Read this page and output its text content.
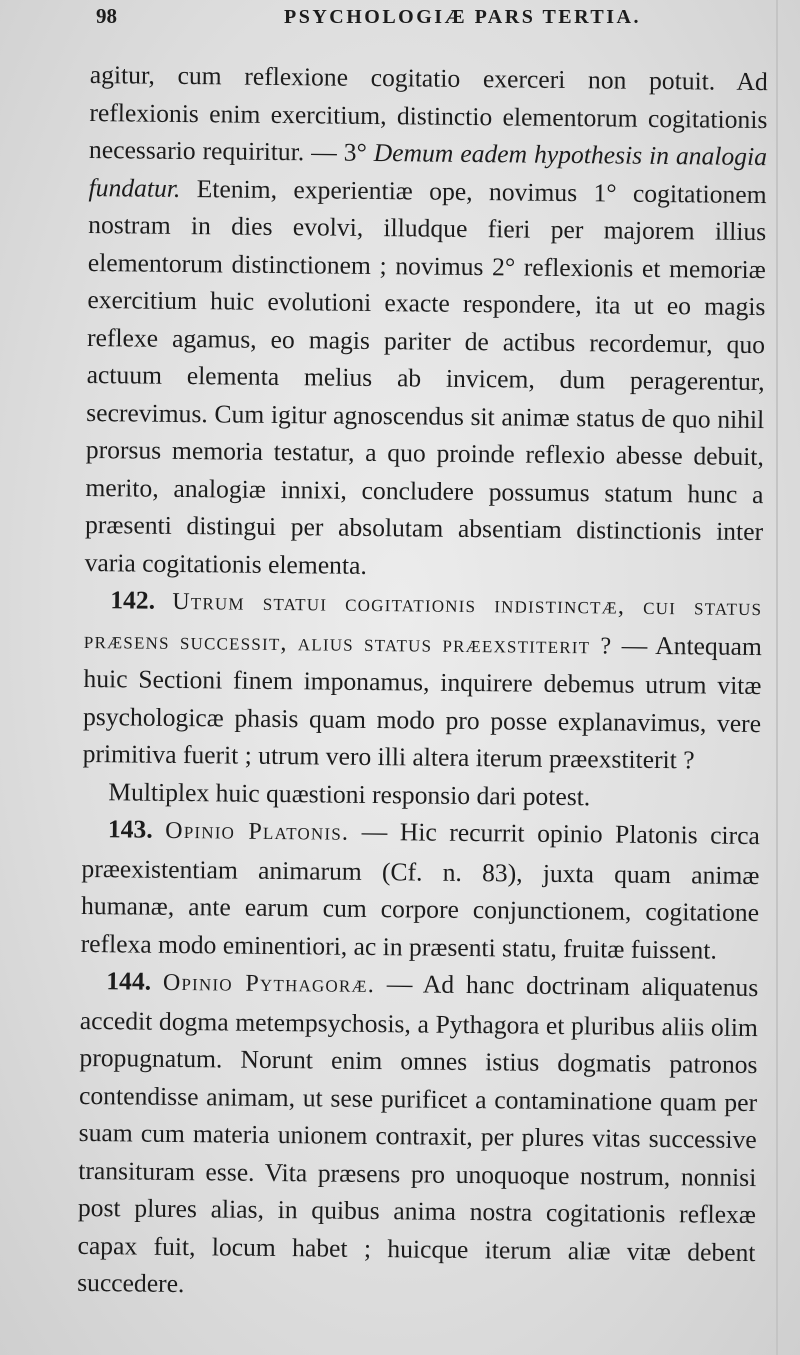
98	PSYCHOLOGIÆ PARS TERTIA.

agitur, cum reflexione cogitatio exerceri non potuit. Ad reflexionis enim exercitium, distinctio elementorum cogitationis necessario requiritur. — 3° Demum eadem hypothesis in analogia fundatur. Etenim, experientiæ ope, novimus 1° cogitationem nostram in dies evolvi, illudque fieri per majorem illius elementorum distinctionem ; novimus 2° reflexionis et memoriæ exercitium huic evolutioni exacte respondere, ita ut eo magis reflexe agamus, eo magis pariter de actibus recordemur, quo actuum elementa melius ab invicem, dum peragerentur, secrevimus. Cum igitur agnoscendus sit animæ status de quo nihil prorsus memoria testatur, a quo proinde reflexio abesse debuit, merito, analogiæ innixi, concludere possumus statum hunc a præsenti distingui per absolutam absentiam distinctionis inter varia cogitationis elementa.

142. Utrum statui cogitationis indistinctæ, cui status præsens successit, alius status præexstiterit ? — Antequam huic Sectioni finem imponamus, inquirere debemus utrum vitæ psychologicæ phasis quam modo pro posse explanavimus, vere primitiva fuerit ; utrum vero illi altera iterum præexstiterit ?

Multiplex huic quæstioni responsio dari potest.

143. Opinio Platonis. — Hic recurrit opinio Platonis circa præexistentiam animarum (Cf. n. 83), juxta quam animæ humanæ, ante earum cum corpore conjunctionem, cogitatione reflexa modo eminentiori, ac in præsenti statu, fruitæ fuissent.

144. Opinio Pythagoræ. — Ad hanc doctrinam aliquatenus accedit dogma metempsychosis, a Pythagora et pluribus aliis olim propugnatum. Norunt enim omnes istius dogmatis patronos contendisse animam, ut sese purificet a contaminatione quam per suam cum materia unionem contraxit, per plures vitas successive transituram esse. Vita præsens pro unoquoque nostrum, nonnisi post plures alias, in quibus anima nostra cogitationis reflexæ capax fuit, locum habet ; huicque iterum aliæ vitæ debent succedere.
